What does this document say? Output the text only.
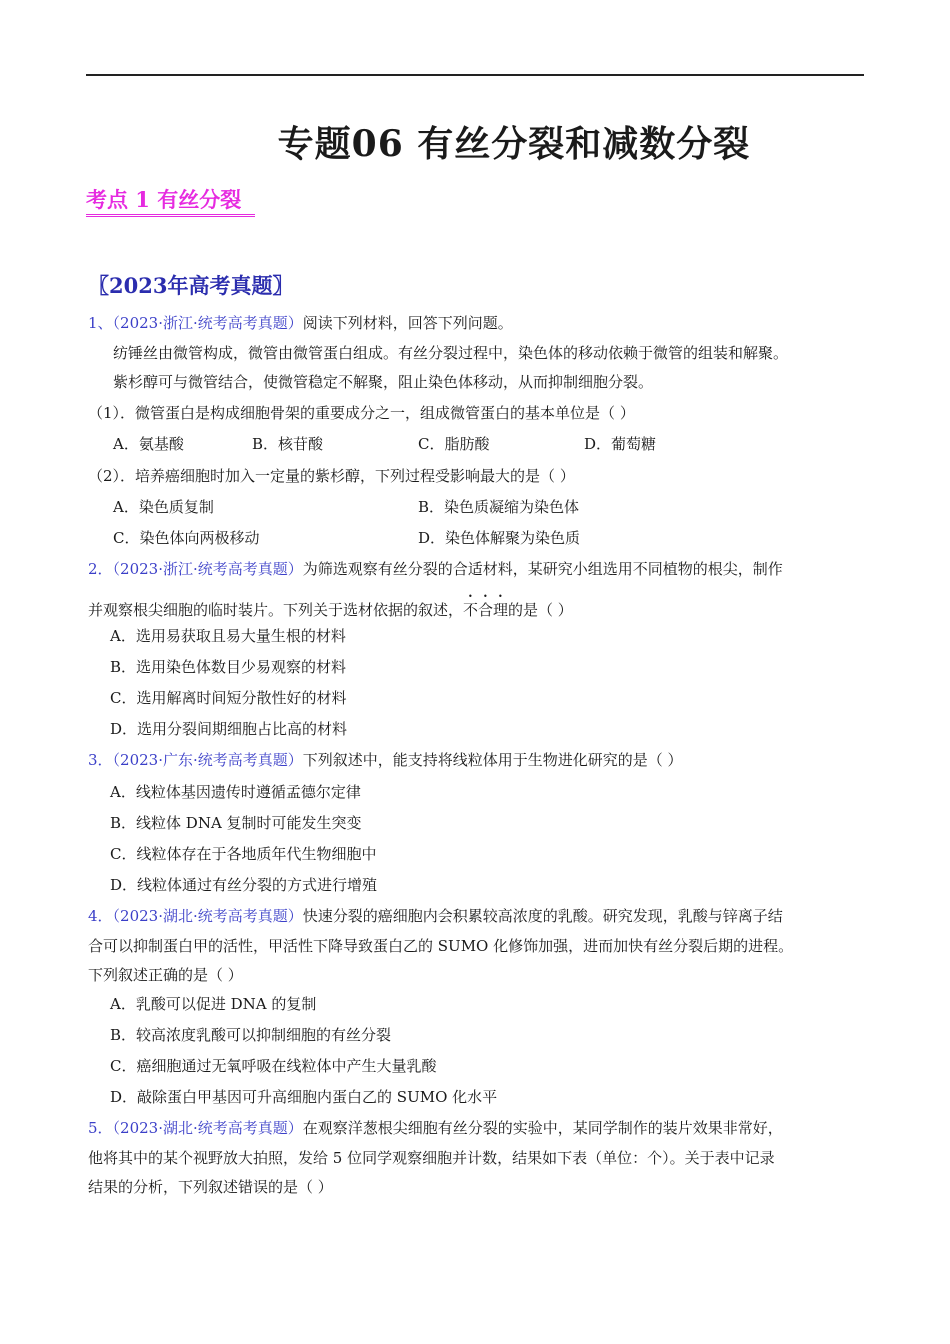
专题06 有丝分裂和减数分裂
考点 1 有丝分裂
〖2023年高考真题〗
1、（2023·浙江·统考高考真题）阅读下列材料，回答下列问题。
纺锤丝由微管构成，微管由微管蛋白组成。有丝分裂过程中，染色体的移动依赖于微管的组装和解聚。
紫杉醇可与微管结合，使微管稳定不解聚，阻止染色体移动，从而抑制细胞分裂。
（1）．微管蛋白是构成细胞骨架的重要成分之一，组成微管蛋白的基本单位是（ ）
A．氨基酸	B．核苷酸	C．脂肪酸	D．葡萄糖
（2）．培养癌细胞时加入一定量的紫杉醇，下列过程受影响最大的是（ ）
A．染色质复制	B．染色质凝缩为染色体
C．染色体向两极移动	D．染色体解聚为染色质
2．（2023·浙江·统考高考真题）为筛选观察有丝分裂的合适材料，某研究小组选用不同植物的根尖，制作
并观察根尖细胞的临时装片。下列关于选材依据的叙述，不合理的是（ ）
A．选用易获取且易大量生根的材料
B．选用染色体数目少易观察的材料
C．选用解离时间短分散性好的材料
D．选用分裂间期细胞占比高的材料
3．（2023·广东·统考高考真题）下列叙述中，能支持将线粒体用于生物进化研究的是（ ）
A．线粒体基因遗传时遵循孟德尔定律
B．线粒体 DNA 复制时可能发生突变
C．线粒体存在于各地质年代生物细胞中
D．线粒体通过有丝分裂的方式进行增殖
4．（2023·湖北·统考高考真题）快速分裂的癌细胞内会积累较高浓度的乳酸。研究发现，乳酸与锌离子结
合可以抑制蛋白甲的活性，甲活性下降导致蛋白乙的 SUMO 化修饰加强，进而加快有丝分裂后期的进程。
下列叙述正确的是（ ）
A．乳酸可以促进 DNA 的复制
B．较高浓度乳酸可以抑制细胞的有丝分裂
C．癌细胞通过无氧呼吸在线粒体中产生大量乳酸
D．敲除蛋白甲基因可升高细胞内蛋白乙的 SUMO 化水平
5．（2023·湖北·统考高考真题）在观察洋葱根尖细胞有丝分裂的实验中，某同学制作的装片效果非常好，
他将其中的某个视野放大拍照，发给 5 位同学观察细胞并计数，结果如下表（单位：个）。关于表中记录
结果的分析，下列叙述错误的是（ ）
